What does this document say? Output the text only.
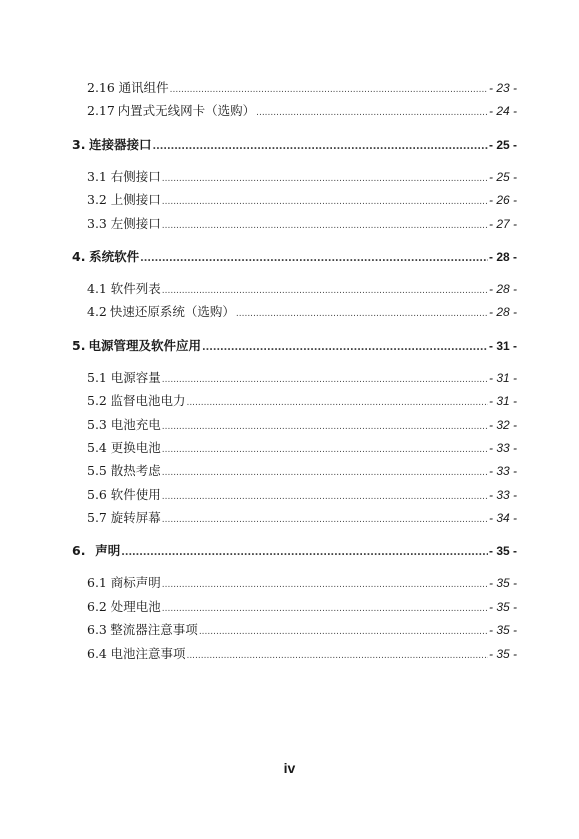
2.16 通讯组件 .....	- 23 -
2.17 内置式无线网卡（选购） .....	- 24 -
3. 连接器接口 .....	- 25 -
3.1 右侧接口 .....	- 25 -
3.2 上侧接口 .....	- 26 -
3.3 左侧接口 .....	- 27 -
4. 系统软件 .....	- 28 -
4.1 软件列表 .....	- 28 -
4.2 快速还原系统（选购） .....	- 28 -
5. 电源管理及软件应用 .....	- 31 -
5.1 电源容量 .....	- 31 -
5.2 监督电池电力 .....	- 31 -
5.3 电池充电 .....	- 32 -
5.4 更换电池 .....	- 33 -
5.5 散热考虑 .....	- 33 -
5.6 软件使用 .....	- 33 -
5.7 旋转屏幕 .....	- 34 -
6. 声明 .....	- 35 -
6.1 商标声明 .....	- 35 -
6.2 处理电池 .....	- 35 -
6.3 整流器注意事项 .....	- 35 -
6.4 电池注意事项 .....	- 35 -
iv
